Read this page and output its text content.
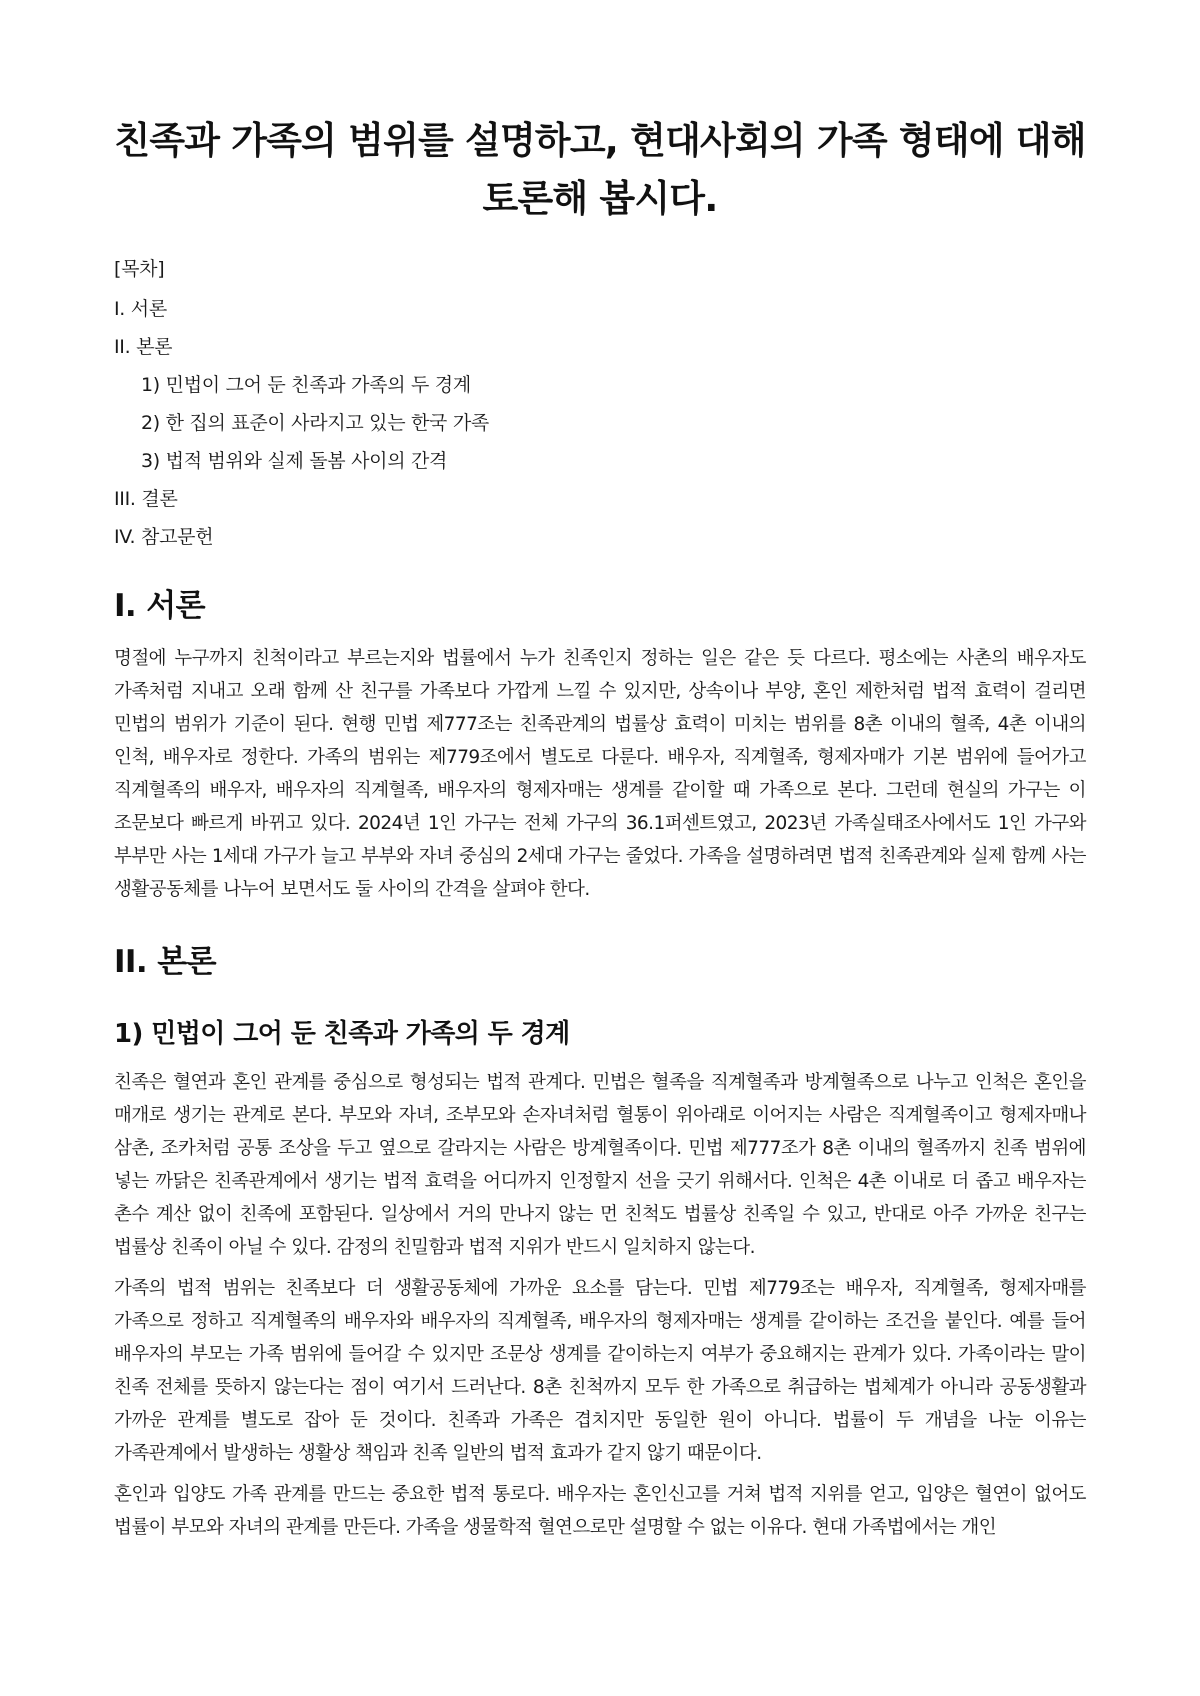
친족과 가족의 범위를 설명하고, 현대사회의 가족 형태에 대해 토론해 봅시다.
[목차]
I. 서론
II. 본론
1) 민법이 그어 둔 친족과 가족의 두 경계
2) 한 집의 표준이 사라지고 있는 한국 가족
3) 법적 범위와 실제 돌봄 사이의 간격
III. 결론
IV. 참고문헌
I. 서론

명절에 누구까지 친척이라고 부르는지와 법률에서 누가 친족인지 정하는 일은 같은 듯 다르다. 평소에는 사촌의 배우자도 가족처럼 지내고 오래 함께 산 친구를 가족보다 가깝게 느낄 수 있지만, 상속이나 부양, 혼인 제한처럼 법적 효력이 걸리면 민법의 범위가 기준이 된다. 현행 민법 제777조는 친족관계의 법률상 효력이 미치는 범위를 8촌 이내의 혈족, 4촌 이내의 인척, 배우자로 정한다. 가족의 범위는 제779조에서 별도로 다룬다. 배우자, 직계혈족, 형제자매가 기본 범위에 들어가고 직계혈족의 배우자, 배우자의 직계혈족, 배우자의 형제자매는 생계를 같이할 때 가족으로 본다. 그런데 현실의 가구는 이 조문보다 빠르게 바뀌고 있다. 2024년 1인 가구는 전체 가구의 36.1퍼센트였고, 2023년 가족실태조사에서도 1인 가구와 부부만 사는 1세대 가구가 늘고 부부와 자녀 중심의 2세대 가구는 줄었다. 가족을 설명하려면 법적 친족관계와 실제 함께 사는 생활공동체를 나누어 보면서도 둘 사이의 간격을 살펴야 한다.

II. 본론
1) 민법이 그어 둔 친족과 가족의 두 경계

친족은 혈연과 혼인 관계를 중심으로 형성되는 법적 관계다. 민법은 혈족을 직계혈족과 방계혈족으로 나누고 인척은 혼인을 매개로 생기는 관계로 본다. 부모와 자녀, 조부모와 손자녀처럼 혈통이 위아래로 이어지는 사람은 직계혈족이고 형제자매나 삼촌, 조카처럼 공통 조상을 두고 옆으로 갈라지는 사람은 방계혈족이다. 민법 제777조가 8촌 이내의 혈족까지 친족 범위에 넣는 까닭은 친족관계에서 생기는 법적 효력을 어디까지 인정할지 선을 긋기 위해서다. 인척은 4촌 이내로 더 좁고 배우자는 촌수 계산 없이 친족에 포함된다. 일상에서 거의 만나지 않는 먼 친척도 법률상 친족일 수 있고, 반대로 아주 가까운 친구는 법률상 친족이 아닐 수 있다. 감정의 친밀함과 법적 지위가 반드시 일치하지 않는다.

가족의 법적 범위는 친족보다 더 생활공동체에 가까운 요소를 담는다. 민법 제779조는 배우자, 직계혈족, 형제자매를 가족으로 정하고 직계혈족의 배우자와 배우자의 직계혈족, 배우자의 형제자매는 생계를 같이하는 조건을 붙인다. 예를 들어 배우자의 부모는 가족 범위에 들어갈 수 있지만 조문상 생계를 같이하는지 여부가 중요해지는 관계가 있다. 가족이라는 말이 친족 전체를 뜻하지 않는다는 점이 여기서 드러난다. 8촌 친척까지 모두 한 가족으로 취급하는 법체계가 아니라 공동생활과 가까운 관계를 별도로 잡아 둔 것이다. 친족과 가족은 겹치지만 동일한 원이 아니다. 법률이 두 개념을 나눈 이유는 가족관계에서 발생하는 생활상 책임과 친족 일반의 법적 효과가 같지 않기 때문이다.

혼인과 입양도 가족 관계를 만드는 중요한 법적 통로다. 배우자는 혼인신고를 거쳐 법적 지위를 얻고, 입양은 혈연이 없어도 법률이 부모와 자녀의 관계를 만든다. 가족을 생물학적 혈연으로만 설명할 수 없는 이유다. 현대 가족법에서는 개인
